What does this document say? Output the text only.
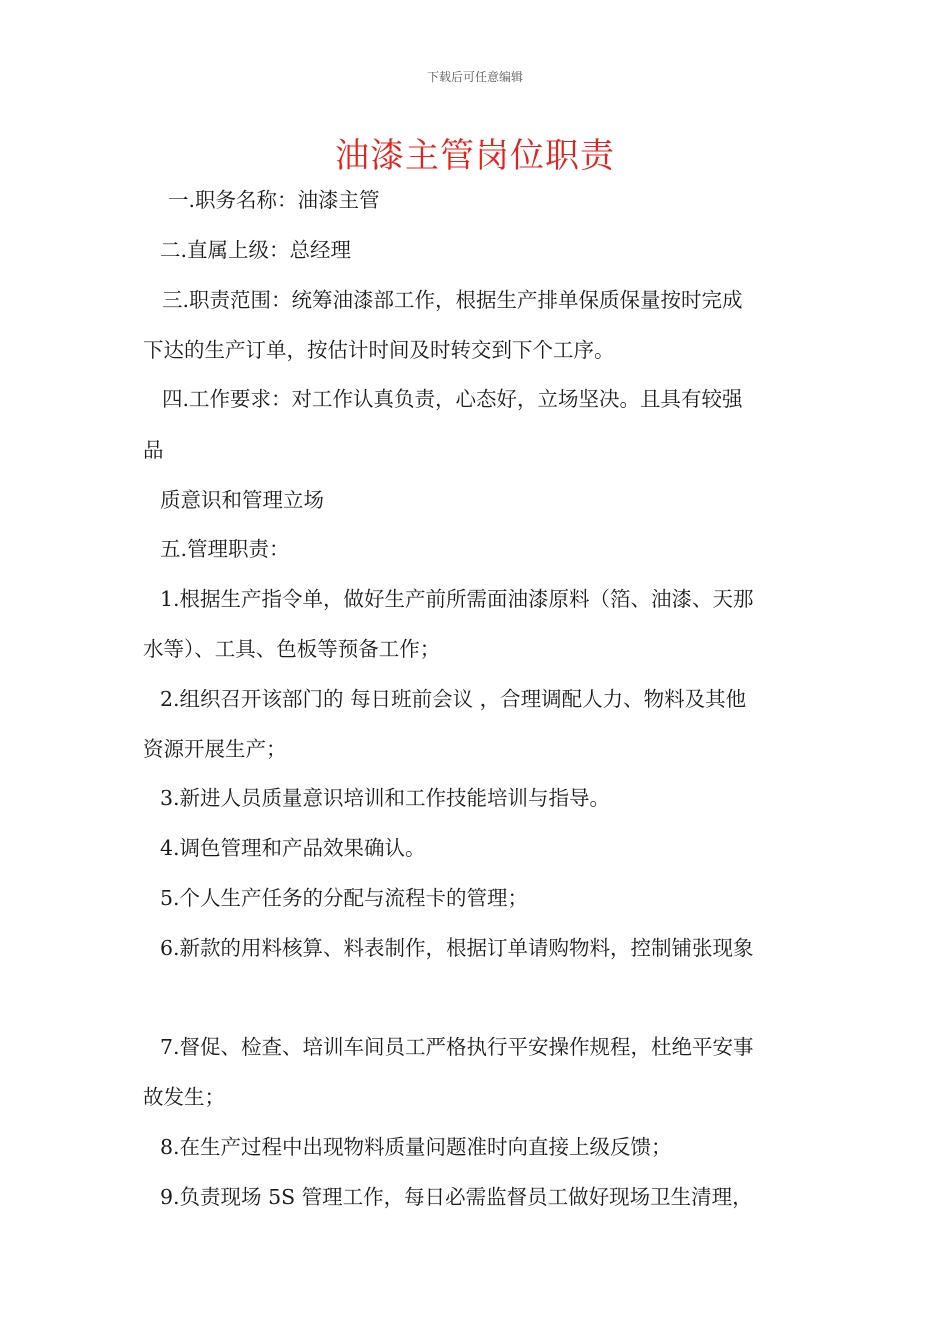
下载后可任意编辑
油漆主管岗位职责
一.职务名称：油漆主管
二.直属上级：总经理
三.职责范围：统筹油漆部工作，根据生产排单保质保量按时完成
下达的生产订单，按估计时间及时转交到下个工序。
四.工作要求：对工作认真负责，心态好，立场坚决。且具有较强
品
质意识和管理立场
五.管理职责：
1.根据生产指令单，做好生产前所需面油漆原料（箔、油漆、天那
水等）、工具、色板等预备工作；
2.组织召开该部门的 每日班前会议 ，合理调配人力、物料及其他
资源开展生产；
3.新进人员质量意识培训和工作技能培训与指导。
4.调色管理和产品效果确认。
5.个人生产任务的分配与流程卡的管理；
6.新款的用料核算、料表制作，根据订单请购物料，控制铺张现象
7.督促、检查、培训车间员工严格执行平安操作规程，杜绝平安事
故发生；
8.在生产过程中出现物料质量问题准时向直接上级反馈；
9.负责现场 5S 管理工作，每日必需监督员工做好现场卫生清理，
